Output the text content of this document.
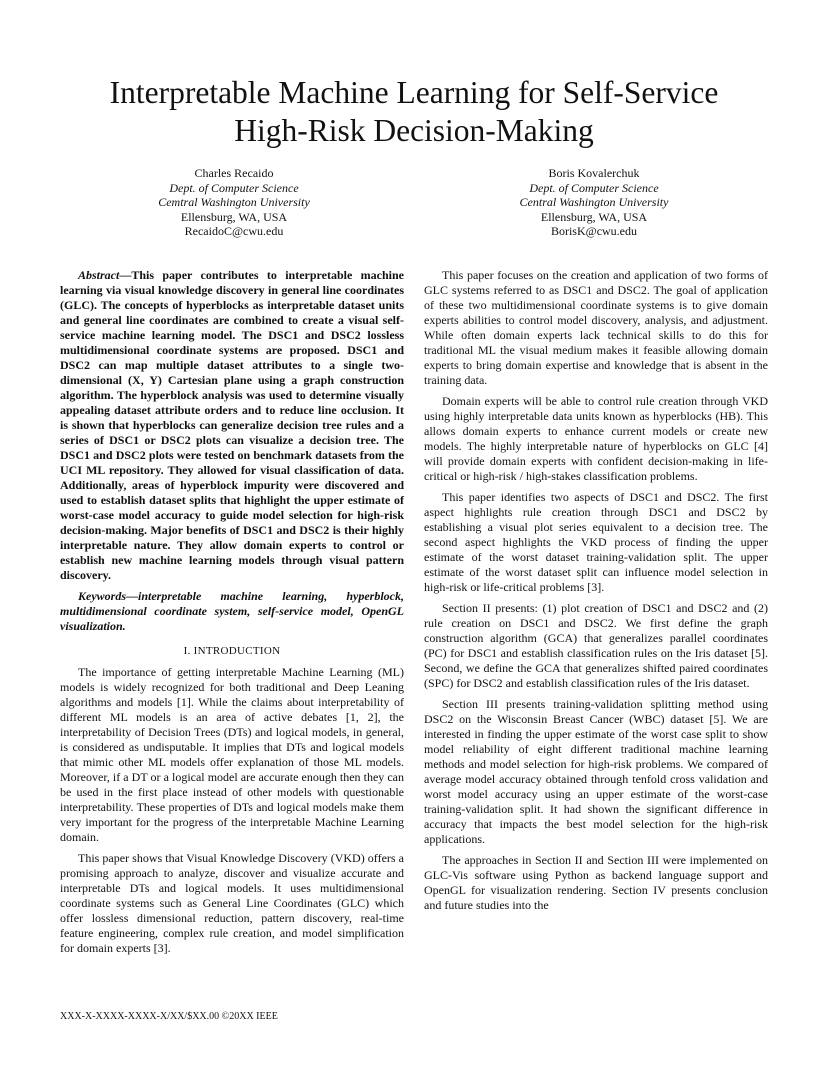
Interpretable Machine Learning for Self-Service
High-Risk Decision-Making
Charles Recaido
Dept. of Computer Science
Cemtral Washington University
Ellensburg, WA, USA
RecaidoC@cwu.edu
Boris Kovalerchuk
Dept. of Computer Science
Central Washington University
Ellensburg, WA, USA
BorisK@cwu.edu

Abstract—This paper contributes to interpretable machine learning via visual knowledge discovery in general line coordinates (GLC). The concepts of hyperblocks as interpretable dataset units and general line coordinates are combined to create a visual self-service machine learning model. The DSC1 and DSC2 lossless multidimensional coordinate systems are proposed. DSC1 and DSC2 can map multiple dataset attributes to a single two-dimensional (X, Y) Cartesian plane using a graph construction algorithm. The hyperblock analysis was used to determine visually appealing dataset attribute orders and to reduce line occlusion. It is shown that hyperblocks can generalize decision tree rules and a series of DSC1 or DSC2 plots can visualize a decision tree. The DSC1 and DSC2 plots were tested on benchmark datasets from the UCI ML repository. They allowed for visual classification of data. Additionally, areas of hyperblock impurity were discovered and used to establish dataset splits that highlight the upper estimate of worst-case model accuracy to guide model selection for high-risk decision-making. Major benefits of DSC1 and DSC2 is their highly interpretable nature. They allow domain experts to control or establish new machine learning models through visual pattern discovery.

Keywords—interpretable machine learning, hyperblock, multidimensional coordinate system, self-service model, OpenGL visualization.

I. INTRODUCTION

The importance of getting interpretable Machine Learning (ML) models is widely recognized for both traditional and Deep Leaning algorithms and models [1]. While the claims about interpretability of different ML models is an area of active debates [1, 2], the interpretability of Decision Trees (DTs) and logical models, in general, is considered as undisputable. It implies that DTs and logical models that mimic other ML models offer explanation of those ML models. Moreover, if a DT or a logical model are accurate enough then they can be used in the first place instead of other models with questionable interpretability. These properties of DTs and logical models make them very important for the progress of the interpretable Machine Learning domain.

This paper shows that Visual Knowledge Discovery (VKD) offers a promising approach to analyze, discover and visualize accurate and interpretable DTs and logical models. It uses multidimensional coordinate systems such as General Line Coordinates (GLC) which offer lossless dimensional reduction, pattern discovery, real-time feature engineering, complex rule creation, and model simplification for domain experts [3].

This paper focuses on the creation and application of two forms of GLC systems referred to as DSC1 and DSC2. The goal of application of these two multidimensional coordinate systems is to give domain experts abilities to control model discovery, analysis, and adjustment. While often domain experts lack technical skills to do this for traditional ML the visual medium makes it feasible allowing domain experts to bring domain expertise and knowledge that is absent in the training data.

Domain experts will be able to control rule creation through VKD using highly interpretable data units known as hyperblocks (HB). This allows domain experts to enhance current models or create new models. The highly interpretable nature of hyperblocks on GLC [4] will provide domain experts with confident decision-making in life-critical or high-risk / high-stakes classification problems.

This paper identifies two aspects of DSC1 and DSC2. The first aspect highlights rule creation through DSC1 and DSC2 by establishing a visual plot series equivalent to a decision tree. The second aspect highlights the VKD process of finding the upper estimate of the worst dataset training-validation split. The upper estimate of the worst dataset split can influence model selection in high-risk or life-critical problems [3].

Section II presents: (1) plot creation of DSC1 and DSC2 and (2) rule creation on DSC1 and DSC2. We first define the graph construction algorithm (GCA) that generalizes parallel coordinates (PC) for DSC1 and establish classification rules on the Iris dataset [5]. Second, we define the GCA that generalizes shifted paired coordinates (SPC) for DSC2 and establish classification rules of the Iris dataset.

Section III presents training-validation splitting method using DSC2 on the Wisconsin Breast Cancer (WBC) dataset [5]. We are interested in finding the upper estimate of the worst case split to show model reliability of eight different traditional machine learning methods and model selection for high-risk problems. We compared of average model accuracy obtained through tenfold cross validation and worst model accuracy using an upper estimate of the worst-case training-validation split. It had shown the significant difference in accuracy that impacts the best model selection for the high-risk applications.

The approaches in Section II and Section III were implemented on GLC-Vis software using Python as backend language support and OpenGL for visualization rendering. Section IV presents conclusion and future studies into the

XXX-X-XXXX-XXXX-X/XX/$XX.00 ©20XX IEEE
